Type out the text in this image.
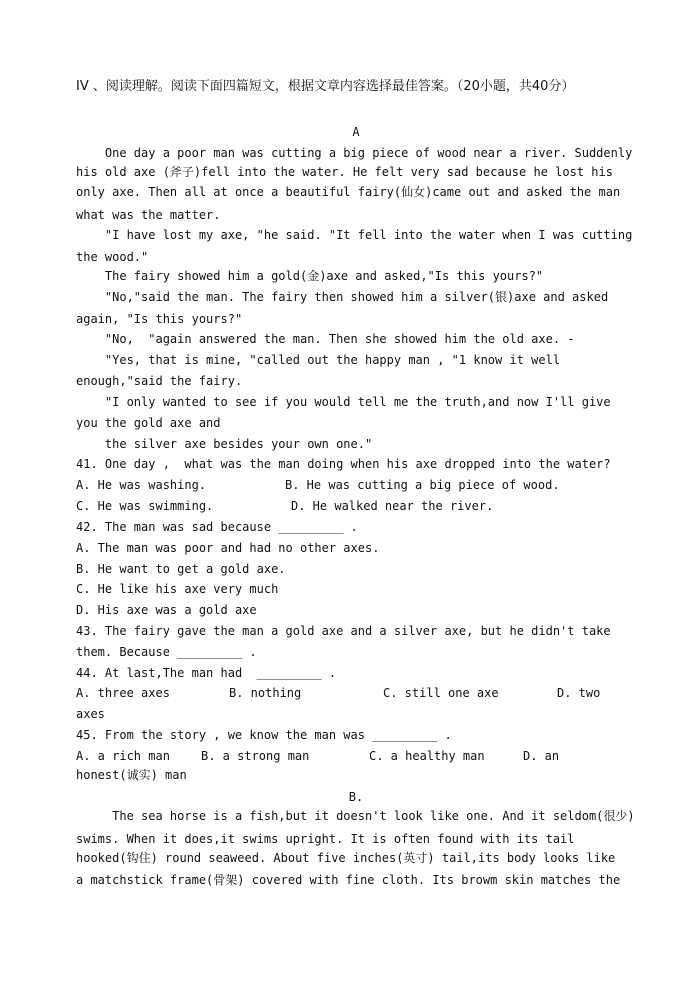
IV 、阅读理解。阅读下面四篇短文，根据文章内容选择最佳答案。（20小题，共40分）
A
One day a poor man was cutting a big piece of wood near a river. Suddenly
his old axe (斧子)fell into the water. He felt very sad because he lost his
only axe. Then all at once a beautiful fairy(仙女)came out and asked the man
what was the matter.
"I have lost my axe, "he said. "It fell into the water when I was cutting
the wood."
The fairy showed him a gold(金)axe and asked,"Is this yours?"
"No,"said the man. The fairy then showed him a silver(银)axe and asked
again, "Is this yours?"
"No,  "again answered the man. Then she showed him the old axe. -
"Yes, that is mine, "called out the happy man , "1 know it well
enough,"said the fairy.
"I only wanted to see if you would tell me the truth,and now I'll give
you the gold axe and
the silver axe besides your own one."
41. One day ,  what was the man doing when his axe dropped into the water?
A. He was washing.	B. He was cutting a big piece of wood.
C. He was swimming.	D. He walked near the river.
42. The man was sad because _________ .
A. The man was poor and had no other axes.
B. He want to get a gold axe.
C. He like his axe very much
D. His axe was a gold axe
43. The fairy gave the man a gold axe and a silver axe, but he didn't take
them. Because _________ .
44. At last,The man had  _________ .
A. three axes	B. nothing	C. still one axe	D. two
axes
45. From the story , we know the man was _________ .
A. a rich man	B. a strong man	C. a healthy man	D. an
honest(诚实) man
B.
The sea horse is a fish,but it doesn't look like one. And it seldom(很少)
swims. When it does,it swims upright. It is often found with its tail
hooked(钩住) round seaweed. About five inches(英寸) tail,its body looks like
a matchstick frame(骨架) covered with fine cloth. Its browm skin matches the
